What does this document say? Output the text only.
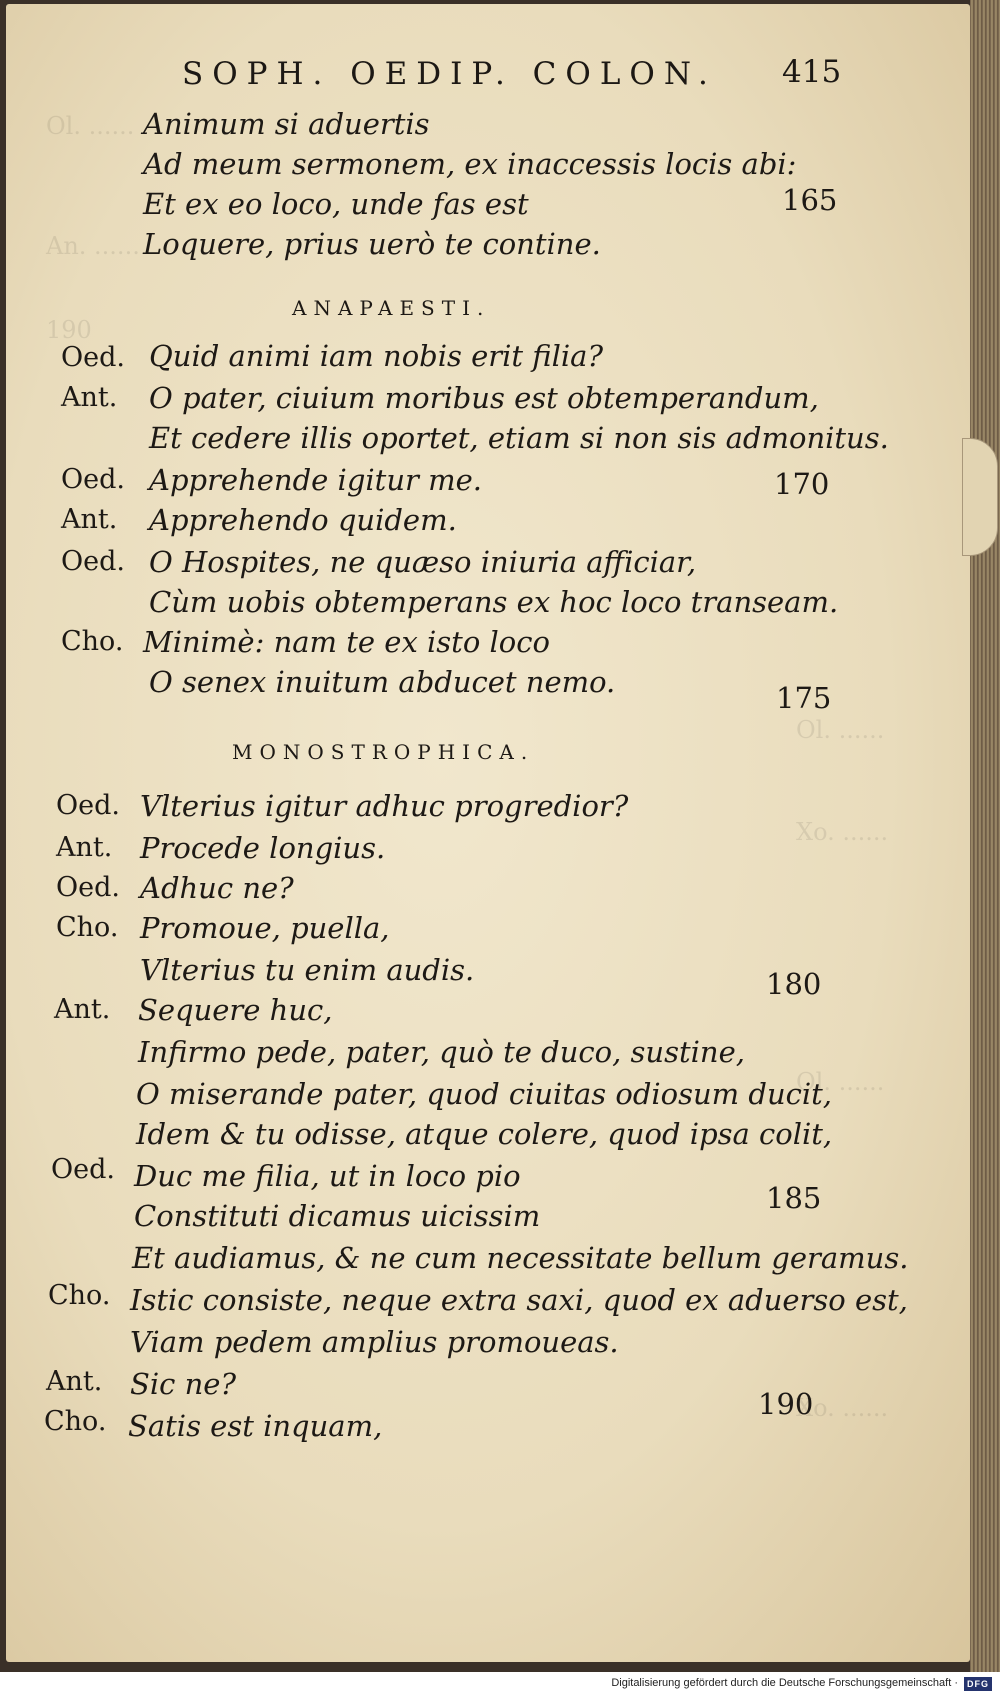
Ol. ......
An. ......
190
Ol. ......
Xo. ......
Ol. ......
Xo. ......
SOPH. OEDIP. COLON. 415
Animum si aduertis
Ad meum sermonem, ex inaccessis locis abi:
Et ex eo loco, unde fas est	165
Loquere, prius uerò te contine.
ANAPAESTI.
Oed. Quid animi iam nobis erit filia?
Ant. O pater, ciuium moribus est obtemperandum,
Et cedere illis oportet, etiam si non sis admonitus.
Oed. Apprehende igitur me.	170
Ant. Apprehendo quidem.
Oed. O Hospites, ne quæso iniuria afficiar,
Cùm uobis obtemperans ex hoc loco transeam.
Cho. Minimè: nam te ex isto loco
O senex inuitum abducet nemo.	175
MONOSTROPHICA.
Oed. Vlterius igitur adhuc progredior?
Ant. Procede longius.
Oed. Adhuc ne?
Cho. Promoue, puella,
Vlterius tu enim audis.	180
Ant. Sequere huc,
Infirmo pede, pater, quò te duco, sustine,
O miserande pater, quod ciuitas odiosum ducit,
Idem & tu odisse, atque colere, quod ipsa colit,
Oed. Duc me filia, ut in loco pio
185
Constituti dicamus uicissim
Et audiamus, & ne cum necessitate bellum geramus.
Cho. Istic consiste, neque extra saxi, quod ex aduerso est,
Viam pedem amplius promoueas.
Ant. Sic ne?
190
Cho. Satis est inquam,
Digitalisierung gefördert durch die Deutsche Forschungsgemeinschaft ·	DFG
